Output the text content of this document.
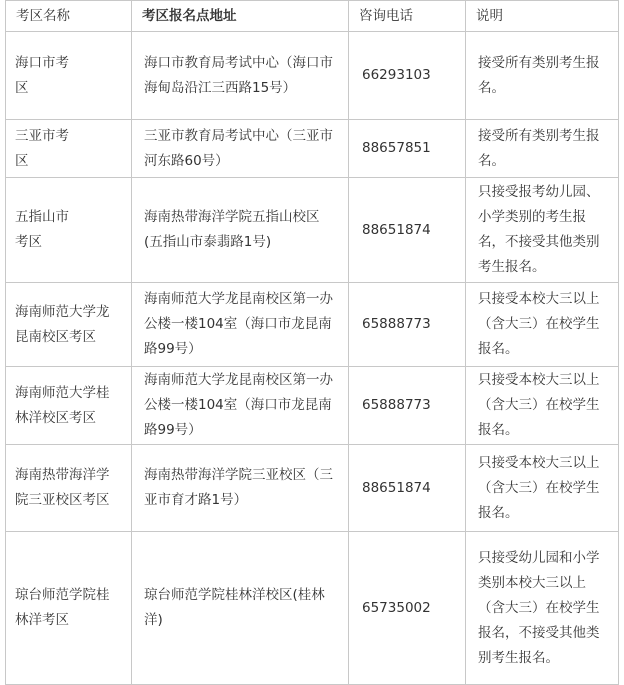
考区名称	考区报名点地址	咨询电话	说明

海口市考区	海口市教育局考试中心（海口市海甸岛沿江三西路15号）	66293103	接受所有类别考生报名。

三亚市考区	三亚市教育局考试中心（三亚市河东路60号）	88657851	接受所有类别考生报名。

五指山市考区	海南热带海洋学院五指山校区(五指山市泰翡路1号)	88651874	只接受报考幼儿园、小学类别的考生报名，不接受其他类别考生报名。

海南师范大学龙昆南校区考区	海南师范大学龙昆南校区第一办公楼一楼104室（海口市龙昆南路99号）	65888773	只接受本校大三以上（含大三）在校学生报名。

海南师范大学桂林洋校区考区	海南师范大学龙昆南校区第一办公楼一楼104室（海口市龙昆南路99号）	65888773	只接受本校大三以上（含大三）在校学生报名。

海南热带海洋学院三亚校区考区	海南热带海洋学院三亚校区（三亚市育才路1号）	88651874	只接受本校大三以上（含大三）在校学生报名。

琼台师范学院桂林洋考区	琼台师范学院桂林洋校区(桂林洋)	65735002	只接受幼儿园和小学类别本校大三以上（含大三）在校学生报名，不接受其他类别考生报名。
